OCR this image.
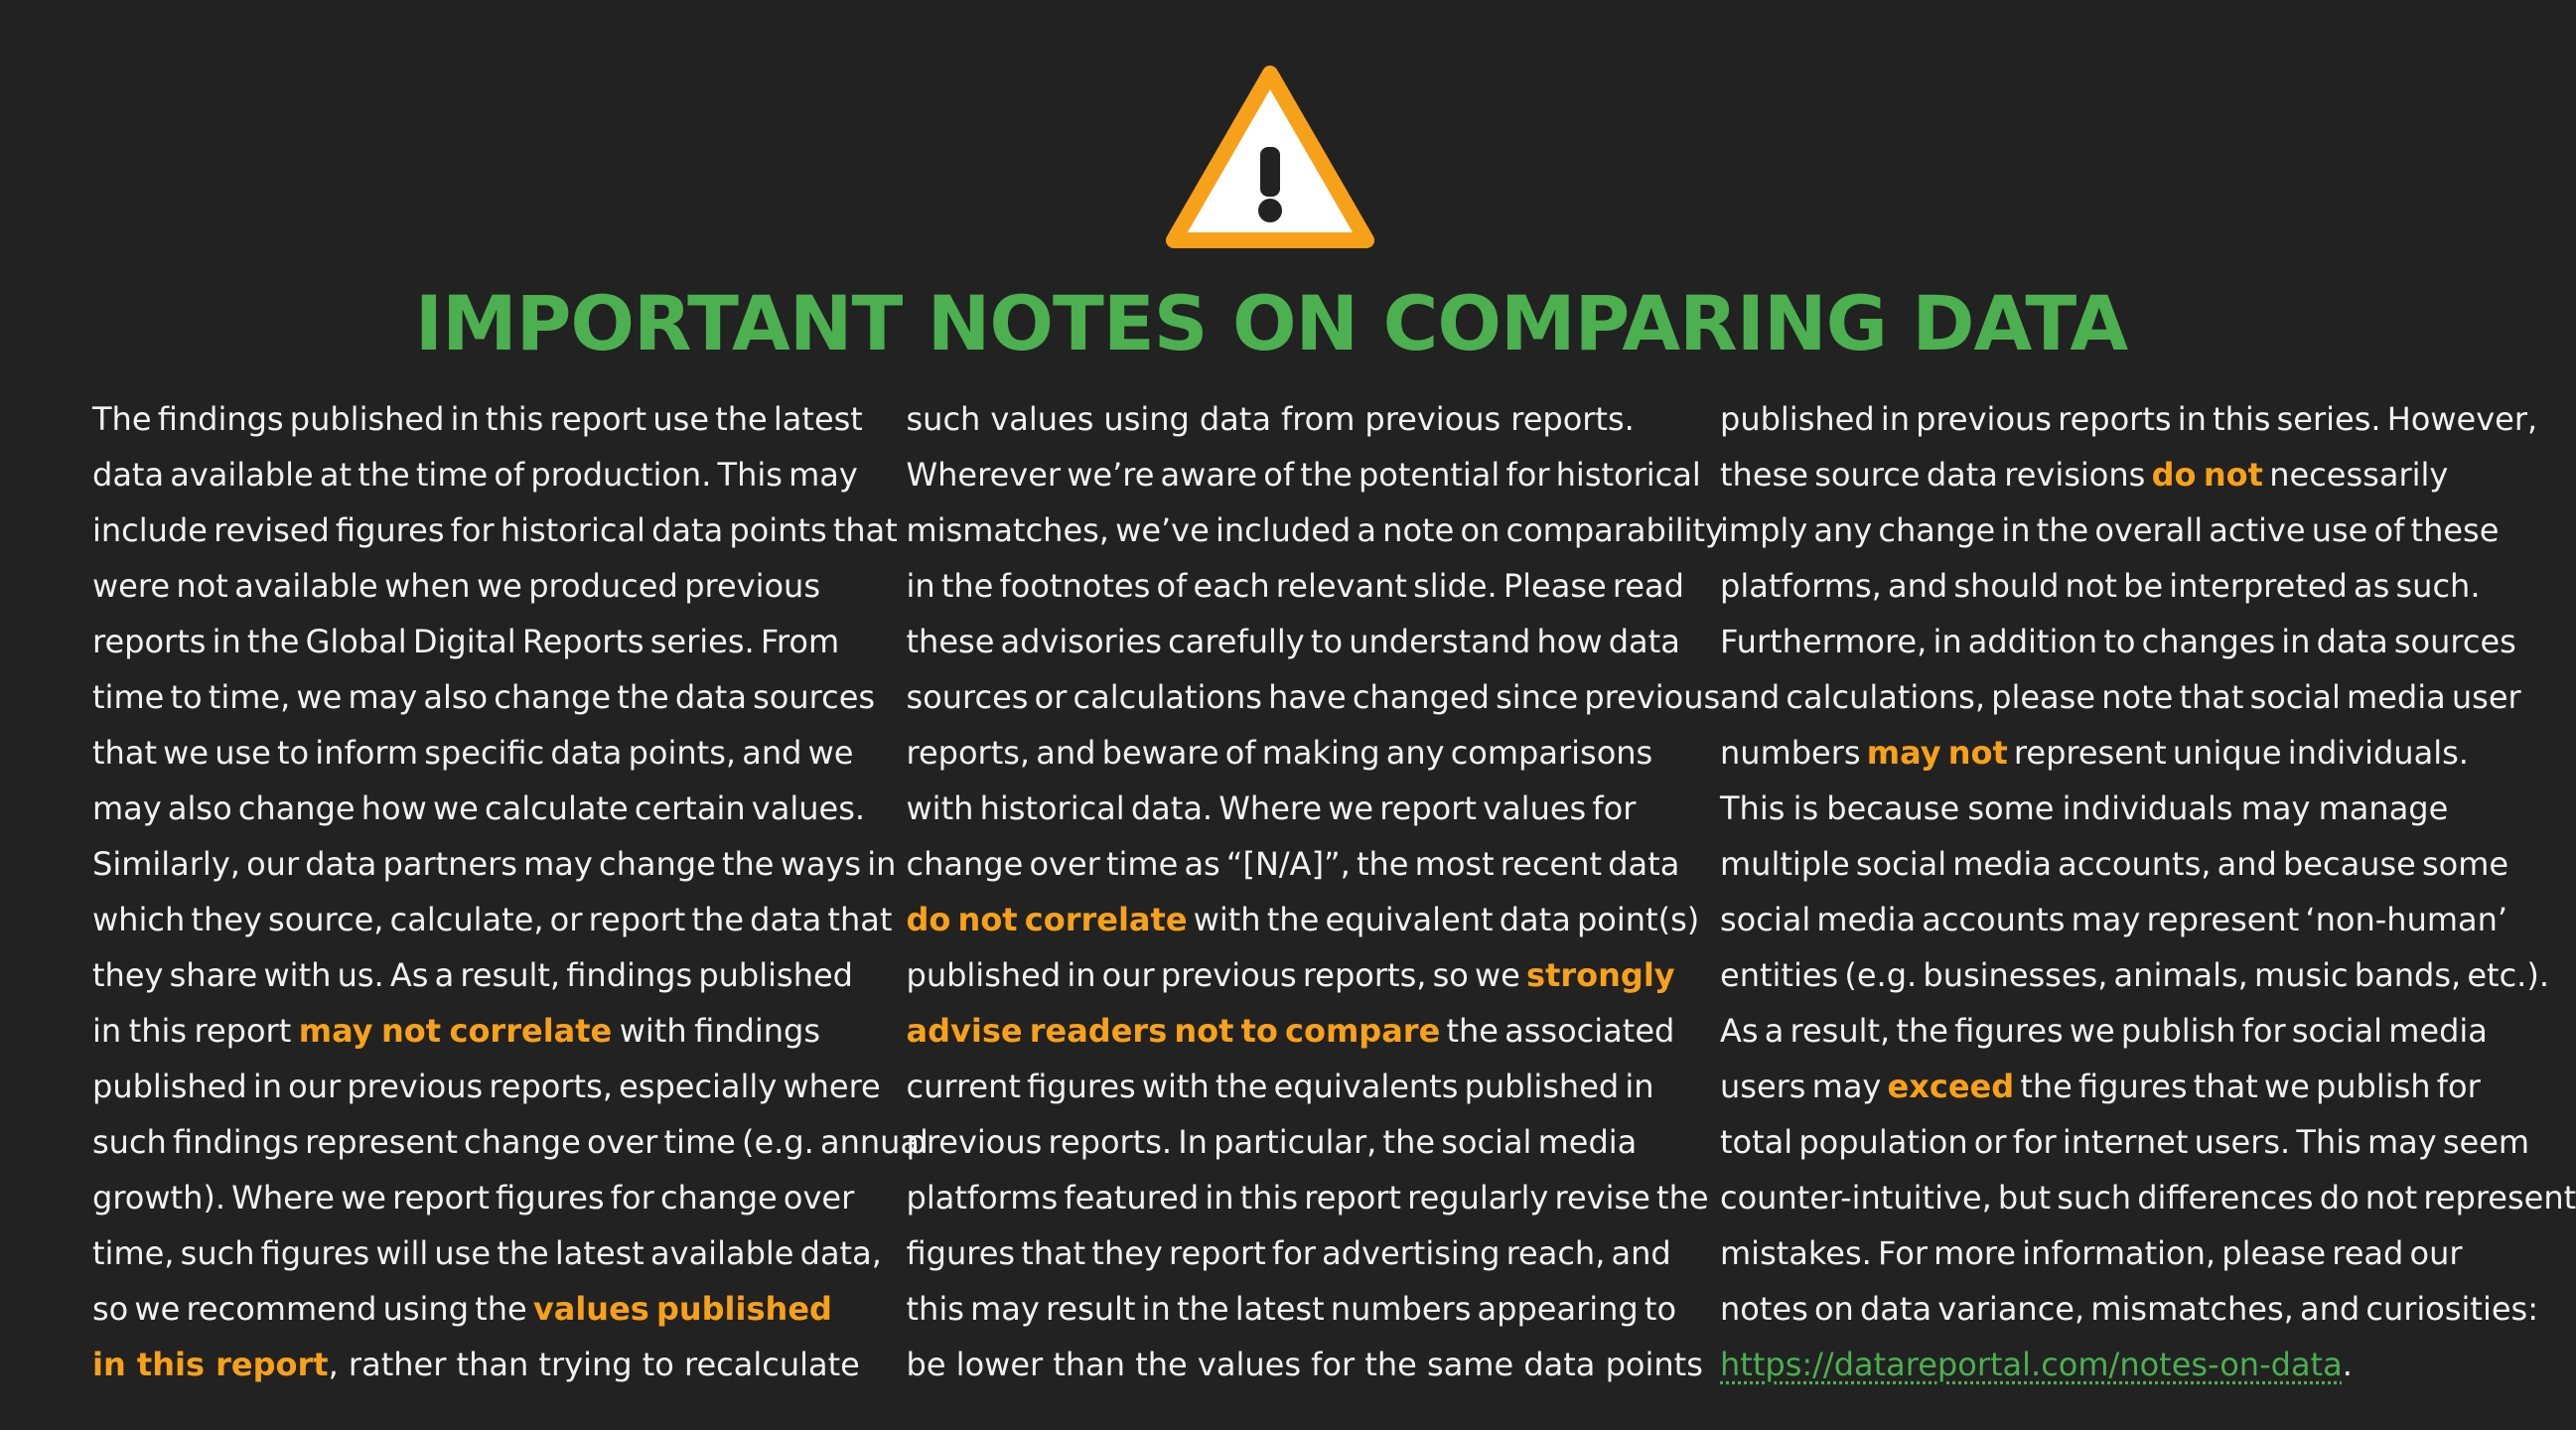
IMPORTANT NOTES ON COMPARING DATA
The findings published in this report use the latest
data available at the time of production. This may
include revised figures for historical data points that
were not available when we produced previous
reports in the Global Digital Reports series. From
time to time, we may also change the data sources
that we use to inform specific data points, and we
may also change how we calculate certain values.
Similarly, our data partners may change the ways in
which they source, calculate, or report the data that
they share with us. As a result, findings published
in this report may not correlate with findings
published in our previous reports, especially where
such findings represent change over time (e.g. annual
growth). Where we report figures for change over
time, such figures will use the latest available data,
so we recommend using the values published
in this report, rather than trying to recalculate
such values using data from previous reports.
Wherever we’re aware of the potential for historical
mismatches, we’ve included a note on comparability
in the footnotes of each relevant slide. Please read
these advisories carefully to understand how data
sources or calculations have changed since previous
reports, and beware of making any comparisons
with historical data. Where we report values for
change over time as “[N/A]”, the most recent data
do not correlate with the equivalent data point(s)
published in our previous reports, so we strongly
advise readers not to compare the associated
current figures with the equivalents published in
previous reports. In particular, the social media
platforms featured in this report regularly revise the
figures that they report for advertising reach, and
this may result in the latest numbers appearing to
be lower than the values for the same data points
published in previous reports in this series. However,
these source data revisions do not necessarily
imply any change in the overall active use of these
platforms, and should not be interpreted as such.
Furthermore, in addition to changes in data sources
and calculations, please note that social media user
numbers may not represent unique individuals.
This is because some individuals may manage
multiple social media accounts, and because some
social media accounts may represent ‘non-human’
entities (e.g. businesses, animals, music bands, etc.).
As a result, the figures we publish for social media
users may exceed the figures that we publish for
total population or for internet users. This may seem
counter-intuitive, but such differences do not represent
mistakes. For more information, please read our
notes on data variance, mismatches, and curiosities:
https://datareportal.com/notes-on-data.
